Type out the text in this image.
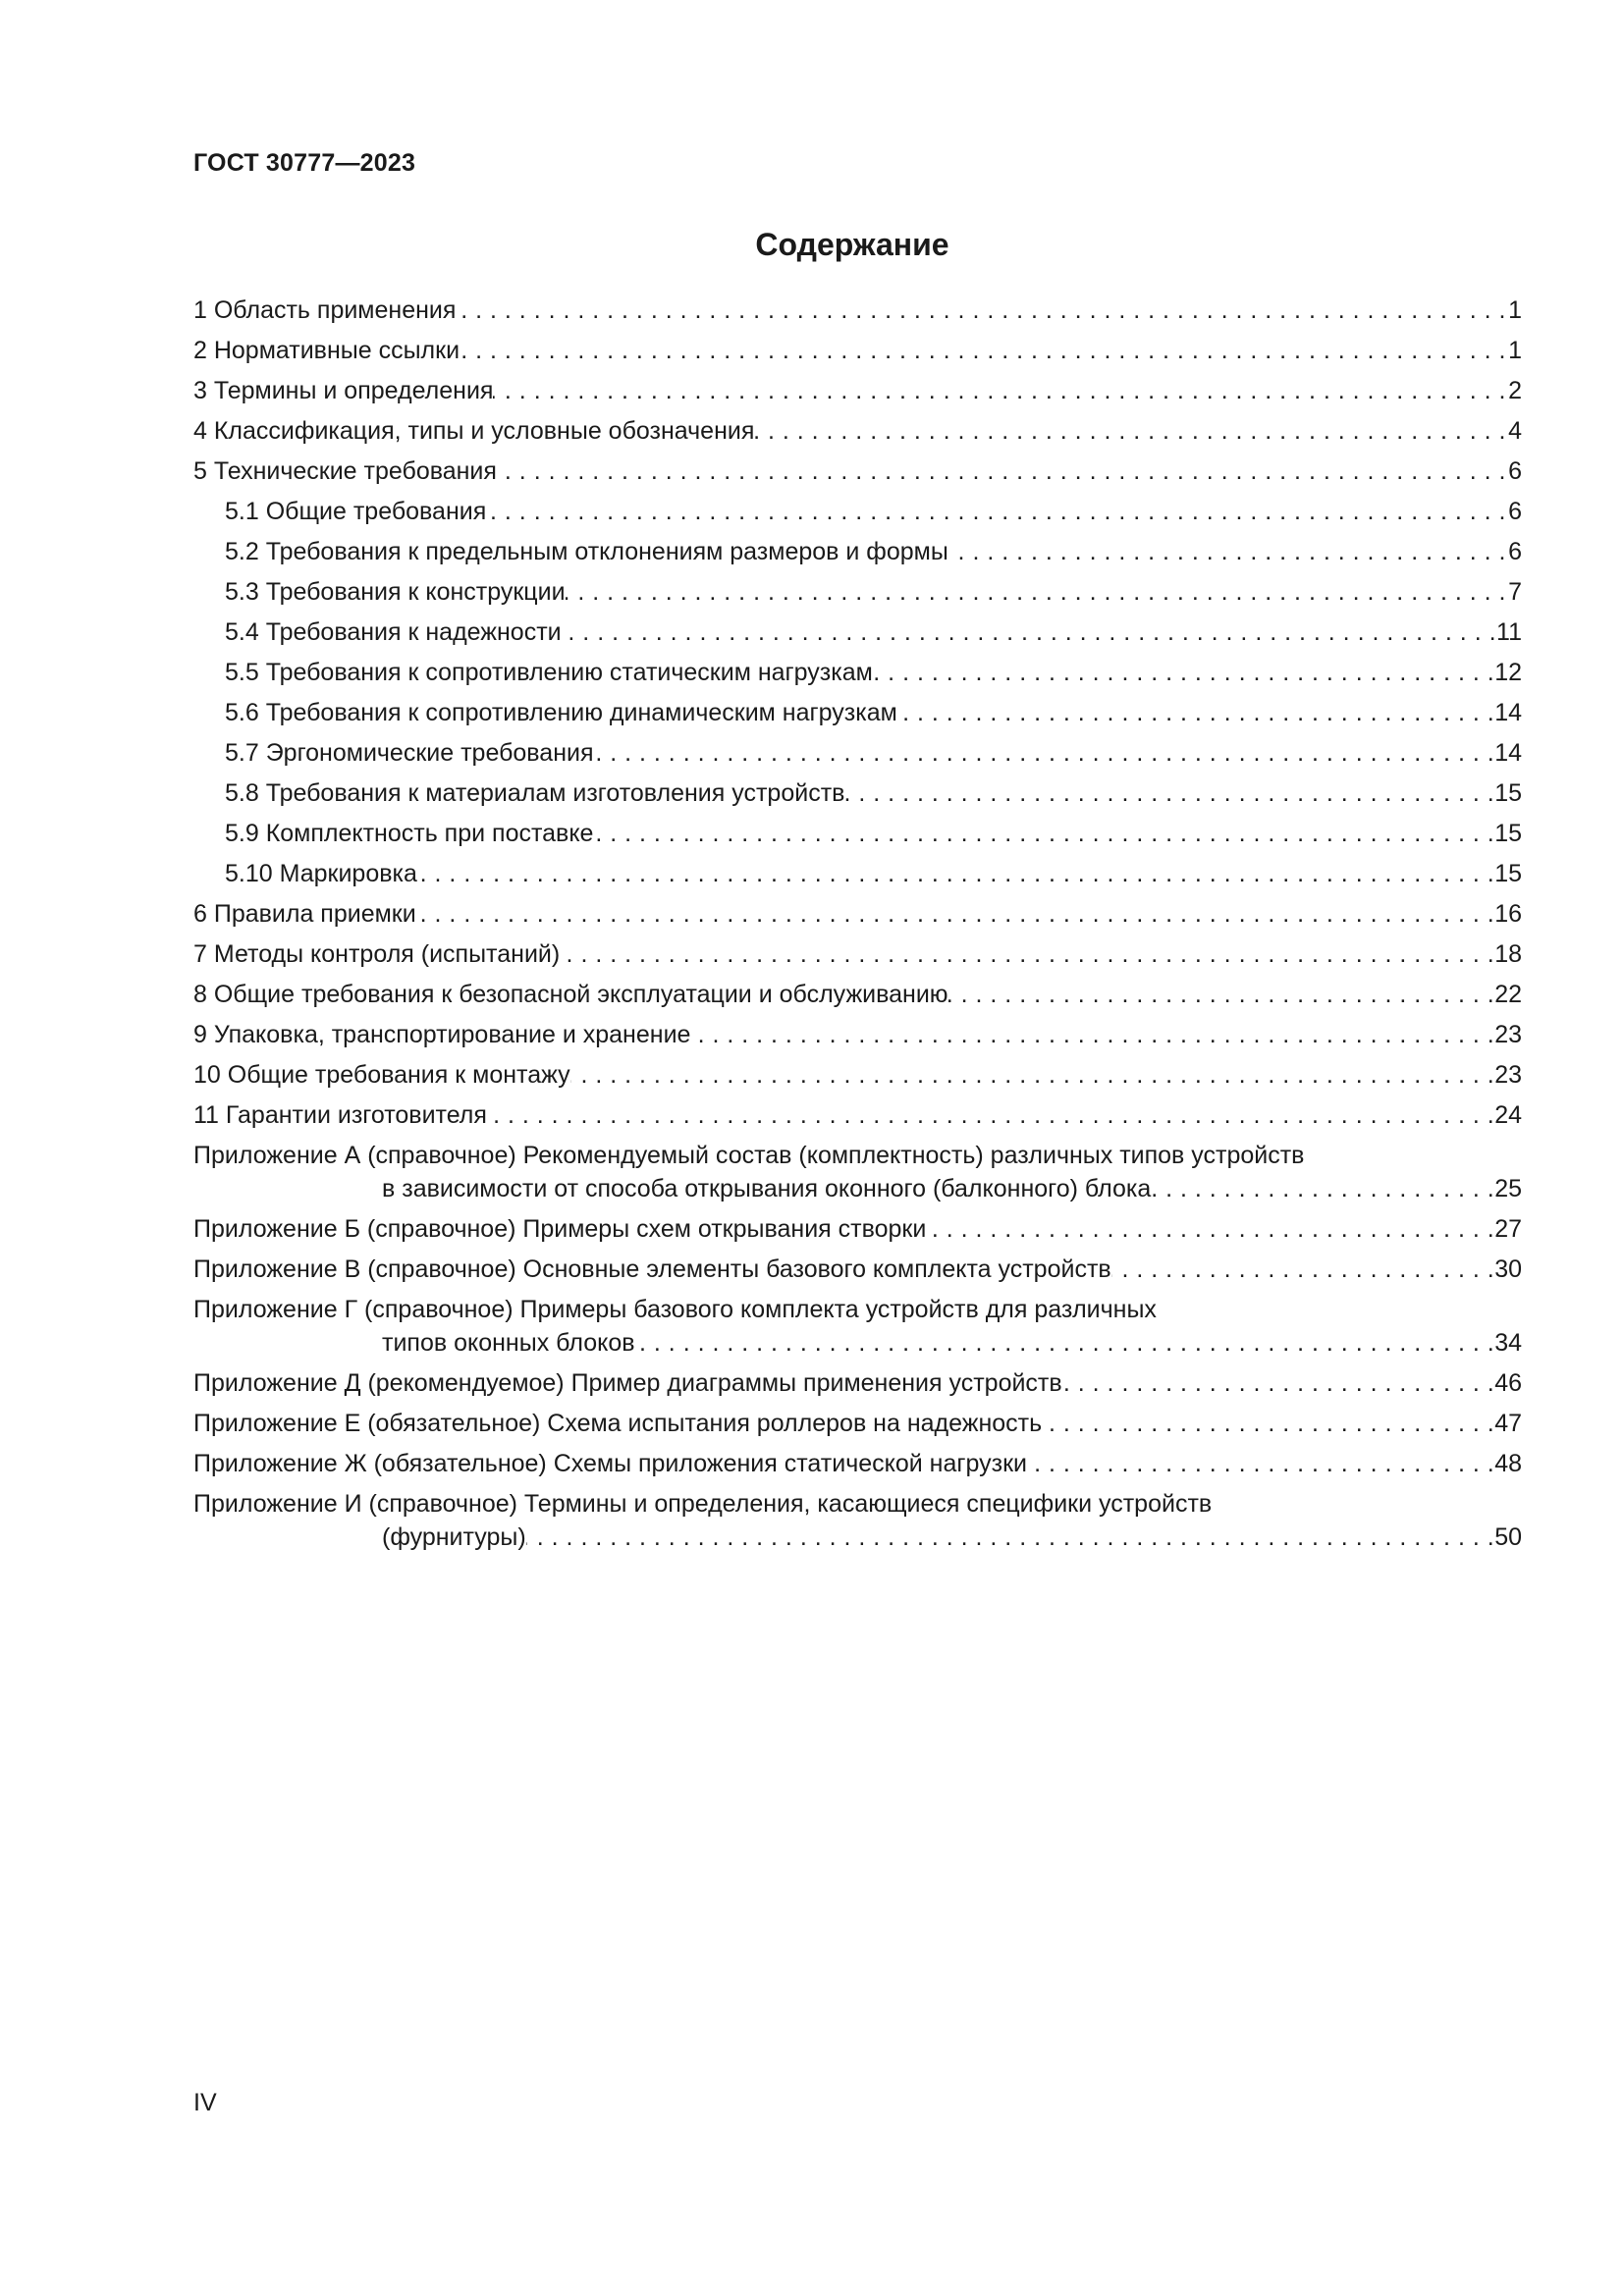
ГОСТ 30777—2023
Содержание
1 Область применения . . .	1
2 Нормативные ссылки . . .	1
3 Термины и определения . . .	2
4 Классификация, типы и условные обозначения . . .	4
5 Технические требования . . .	6
5.1 Общие требования . . .	6
5.2 Требования к предельным отклонениям размеров и формы . . .	6
5.3 Требования к конструкции . . .	7
5.4 Требования к надежности . . .	11
5.5 Требования к сопротивлению статическим нагрузкам . . .	12
5.6 Требования к сопротивлению динамическим нагрузкам . . .	14
5.7 Эргономические требования . . .	14
5.8 Требования к материалам изготовления устройств . . .	15
5.9 Комплектность при поставке . . .	15
5.10 Маркировка . . .	15
6 Правила приемки . . .	16
7 Методы контроля (испытаний) . . .	18
8 Общие требования к безопасной эксплуатации и обслуживанию . . .	22
9 Упаковка, транспортирование и хранение . . .	23
10 Общие требования к монтажу . . .	23
11 Гарантии изготовителя . . .	24
Приложение А (справочное) Рекомендуемый состав (комплектность) различных типов устройств
в зависимости от способа открывания оконного (балконного) блока . . .	25
Приложение Б (справочное) Примеры схем открывания створки . . .	27
Приложение В (справочное) Основные элементы базового комплекта устройств . . .	30
Приложение Г (справочное) Примеры базового комплекта устройств для различных
типов оконных блоков . . .	34
Приложение Д (рекомендуемое) Пример диаграммы применения устройств . . .	46
Приложение Е (обязательное) Схема испытания роллеров на надежность . . .	47
Приложение Ж (обязательное) Схемы приложения статической нагрузки . . .	48
Приложение И (справочное) Термины и определения, касающиеся специфики устройств
(фурнитуры) . . .	50
IV
